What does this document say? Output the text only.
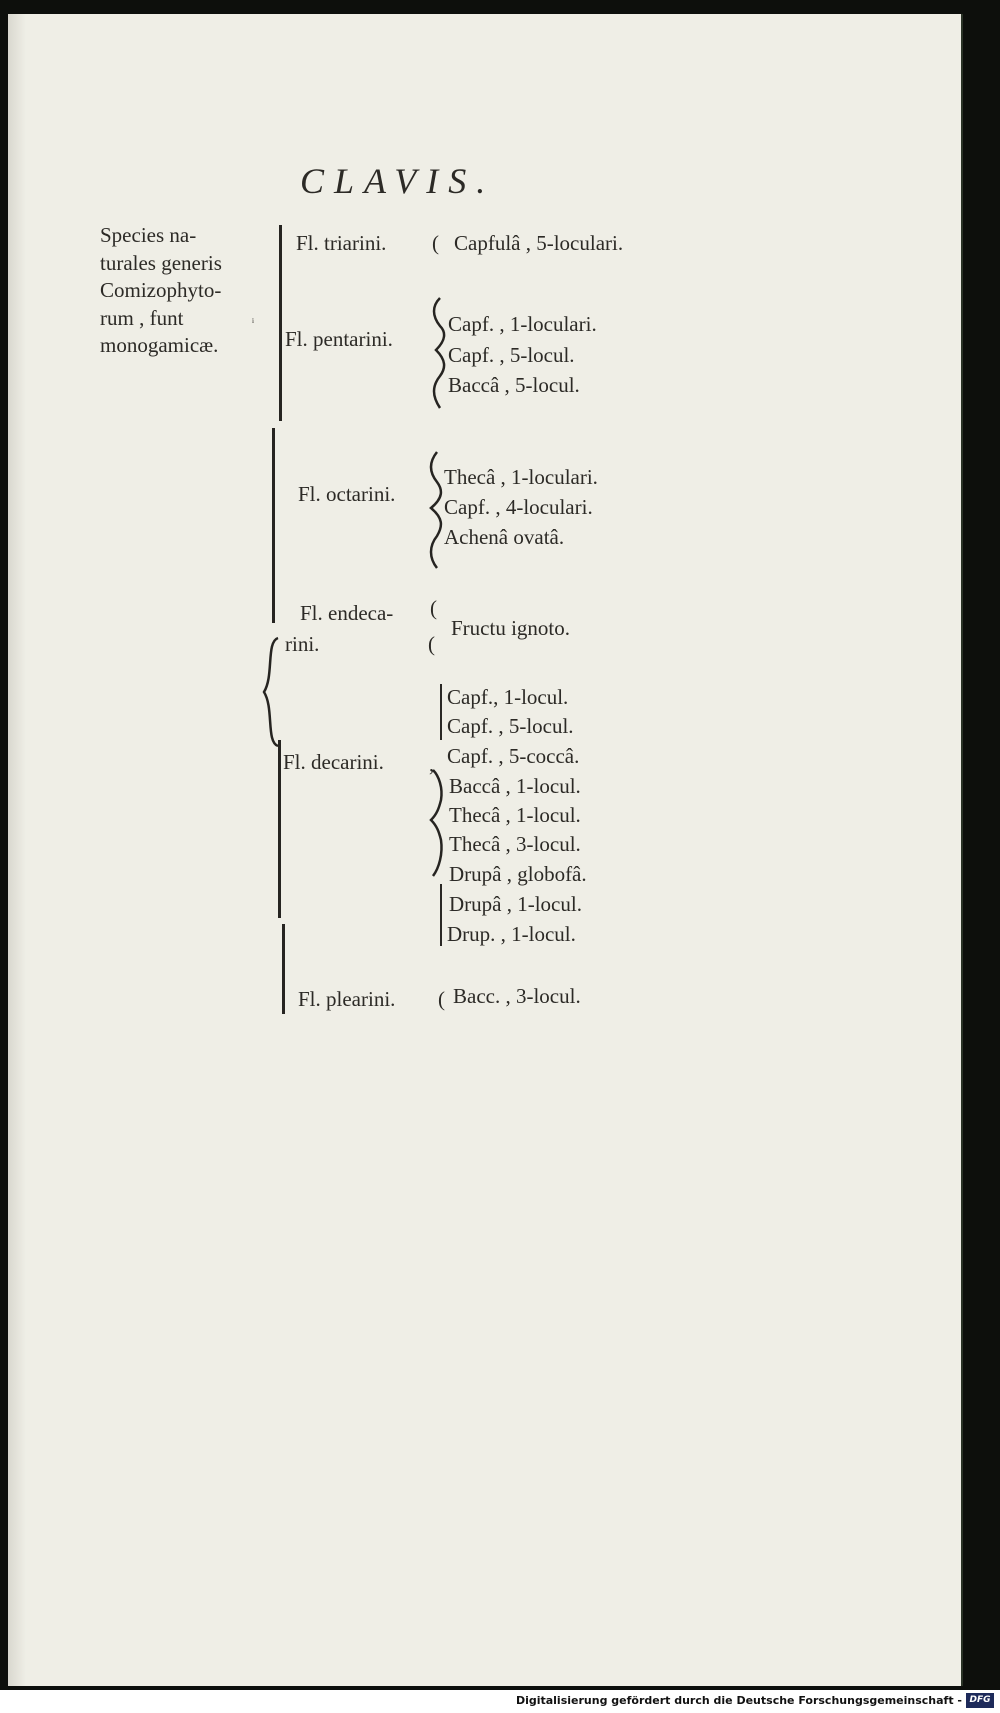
CLAVIS.
Species na-
turales generis
Comizophyto-
rum , funt
monogamicæ.
ᵢ
Fl. triarini. ( Capfulâ , 5-loculari.
Fl. pentarini.
Capf. , 1-loculari.
Capf. , 5-locul.
Baccâ , 5-locul.
Fl. octarini.
Thecâ , 1-loculari.
Capf. , 4-loculari.
Achenâ ovatâ.
Fl. endeca- (
rini.	(
Fructu ignoto.
Fl. decarini. ,
Capf., 1-locul.
Capf. , 5-locul.
Capf. , 5-coccâ.
Baccâ , 1-locul.
Thecâ , 1-locul.
Thecâ , 3-locul.
Drupâ , globofâ.
Drupâ , 1-locul.
Drup. , 1-locul.
Fl. plearini. ( Bacc. , 3-locul.
Digitalisierung gefördert durch die Deutsche Forschungsgemeinschaft - DFG
